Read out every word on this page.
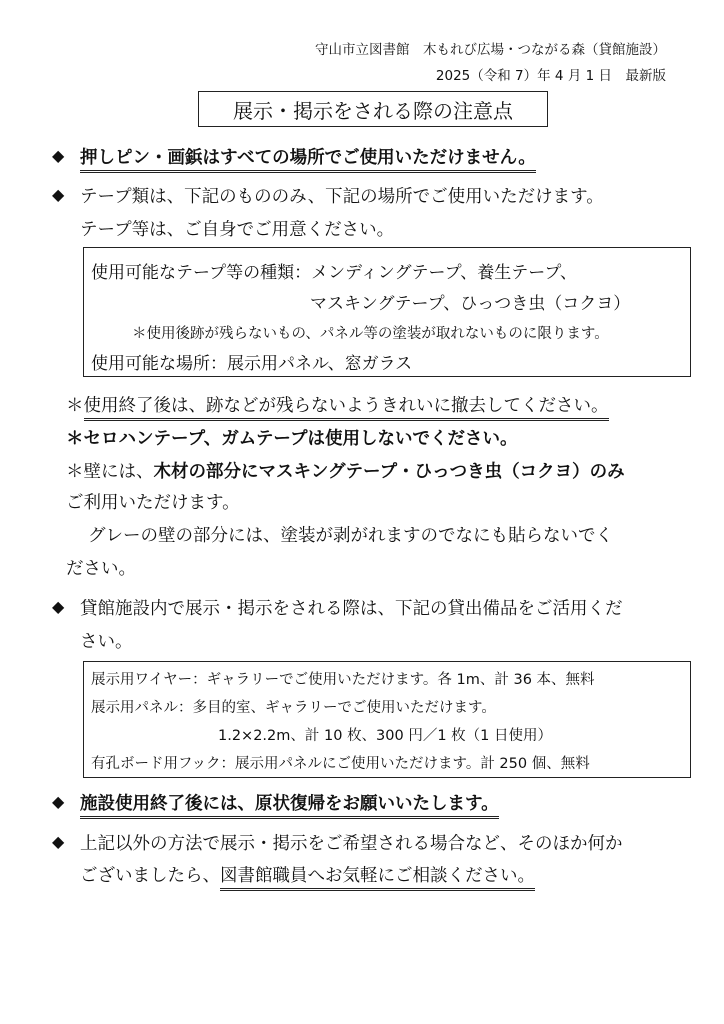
守山市立図書館　木もれび広場・つながる森（貸館施設）
2025（令和 7）年 4 月 1 日　最新版
展示・掲示をされる際の注意点
◆ 押しピン・画鋲はすべての場所でご使用いただけません。
◆ テープ類は、下記のもののみ、下記の場所でご使用いただけます。
テープ等は、ご自身でご用意ください。
使用可能なテープ等の種類：メンディングテープ、養生テープ、
マスキングテープ、ひっつき虫（コクヨ）
＊使用後跡が残らないもの、パネル等の塗装が取れないものに限ります。
使用可能な場所：展示用パネル、窓ガラス
＊使用終了後は、跡などが残らないようきれいに撤去してください。
＊セロハンテープ、ガムテープは使用しないでください。
＊壁には、木材の部分にマスキングテープ・ひっつき虫（コクヨ）のみ
ご利用いただけます。
グレーの壁の部分には、塗装が剥がれますのでなにも貼らないでく
ださい。
◆ 貸館施設内で展示・掲示をされる際は、下記の貸出備品をご活用くだ
さい。
展示用ワイヤー：ギャラリーでご使用いただけます。各 1m、計 36 本、無料
展示用パネル：多目的室、ギャラリーでご使用いただけます。
1.2×2.2m、計 10 枚、300 円／1 枚（1 日使用）
有孔ボード用フック：展示用パネルにご使用いただけます。計 250 個、無料
◆ 施設使用終了後には、原状復帰をお願いいたします。
◆ 上記以外の方法で展示・掲示をご希望される場合など、そのほか何か
ございましたら、図書館職員へお気軽にご相談ください。
